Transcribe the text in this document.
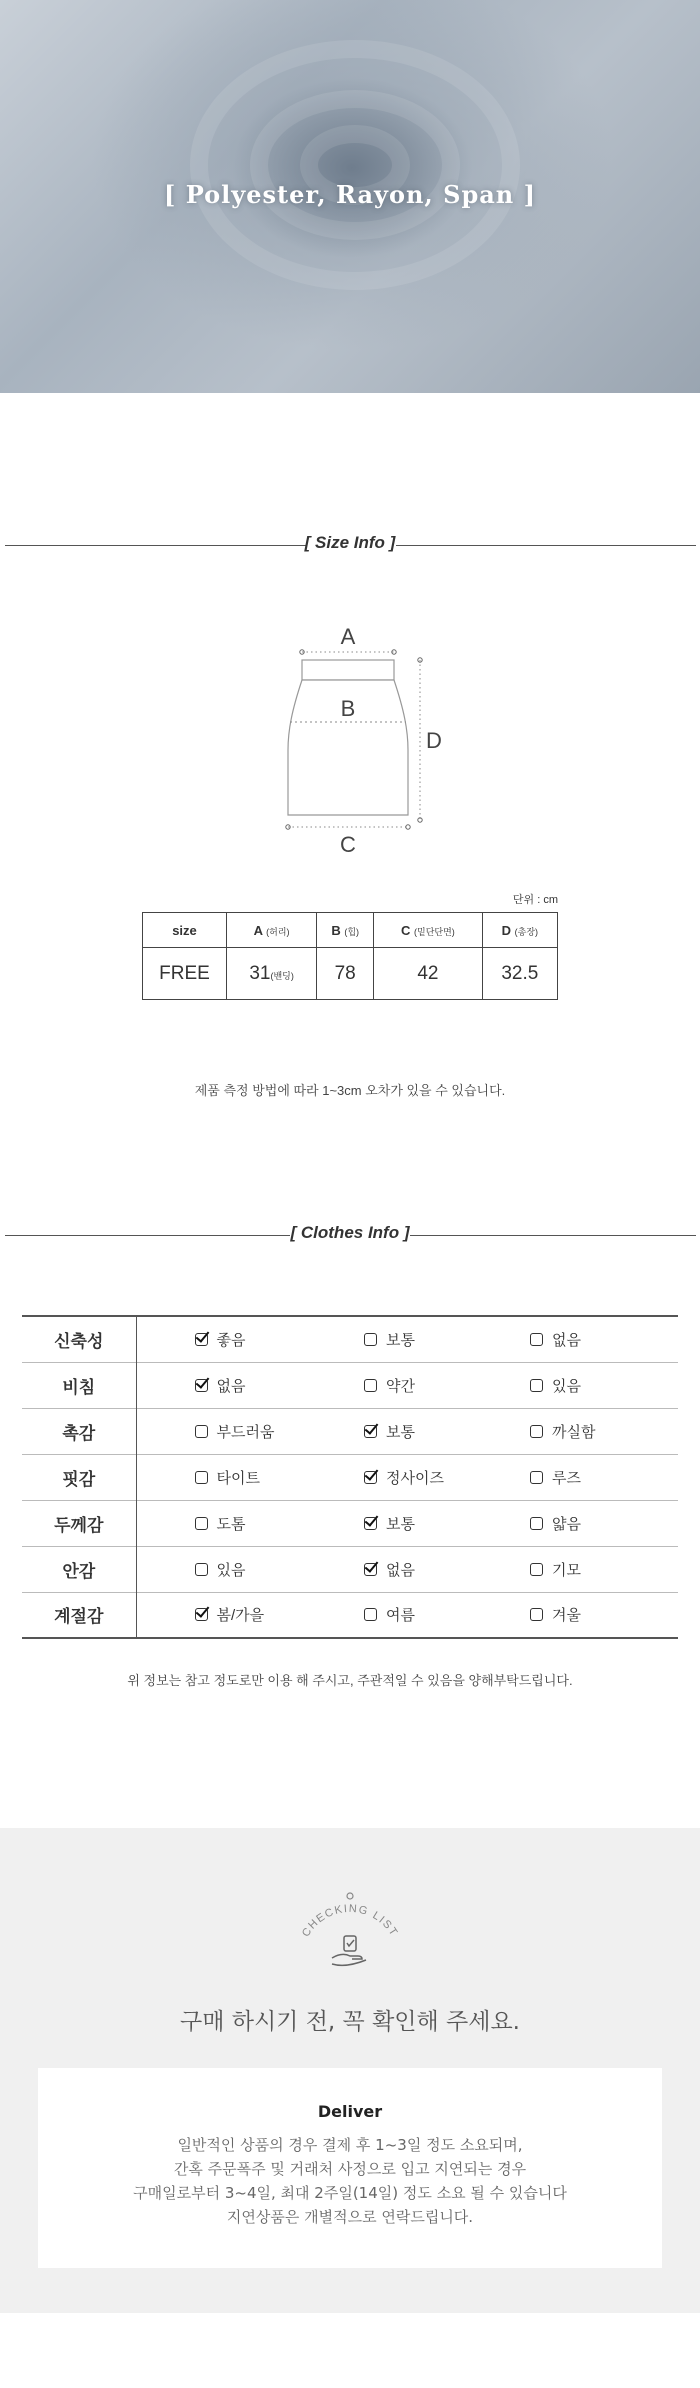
[ Polyester, Rayon, Span ]
[ Size Info ]
A
B
C
D
단위 : cm
size	A (허리)	B (힙)	C (밑단단면)	D (총장)
FREE	31(밴딩)	78	42	32.5
제품 측정 방법에 따라 1~3cm 오차가 있을 수 있습니다.
[ Clothes Info ]
신축성	좋음	보통	없음

비침	없음	약간	있음

촉감	부드러움	보통	까실함

핏감	타이트	정사이즈	루즈

두께감	도톰	보통	얇음

안감	있음	없음	기모

계절감	봄/가을	여름	겨울
위 정보는 참고 정도로만 이용 해 주시고, 주관적일 수 있음을 양해부탁드립니다.
CHECKING LIST
구매 하시기 전, 꼭 확인해 주세요.
Deliver
일반적인 상품의 경우 결제 후 1~3일 정도 소요되며,
간혹 주문폭주 및 거래처 사정으로 입고 지연되는 경우
구매일로부터 3~4일, 최대 2주일(14일) 정도 소요 될 수 있습니다
지연상품은 개별적으로 연락드립니다.
